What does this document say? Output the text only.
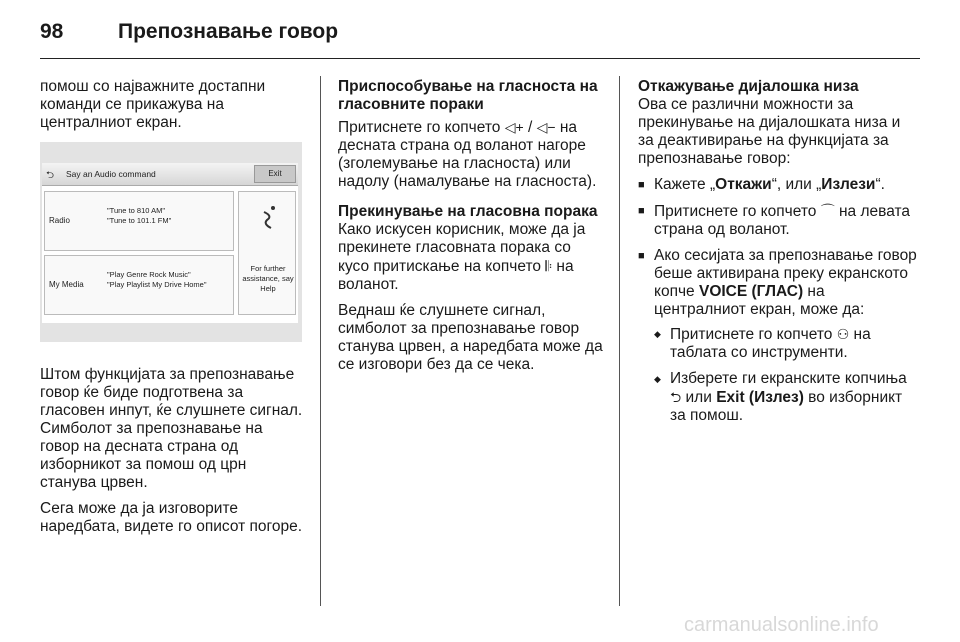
98	Препознавање говор

помош со најважните достапни команди се прикажува на централниот екран.

⮌ Say an Audio command	Exit
Radio
"Tune to 810 AM"
"Tune to 101.1 FM"
My Media
"Play Genre Rock Music"
"Play Playlist My Drive Home"
For further assistance, say Help

Штом функцијата за препознавање говор ќе биде подготвена за гласовен инпут, ќе слушнете сигнал. Симболот за препознавање на говор на десната страна од изборникот за помош од црн станува црвен.

Сега може да ја изговорите наредбата, видете го описот погоре.

Приспособување на гласноста на гласовните пораки

Притиснете го копчето ◁+ / ◁− на десната страна од воланот нагоре (зголемување на гласноста) или надолу (намалување на гласноста).

Прекинување на гласовна порака

Како искусен корисник, може да ја прекинете гласовната порака со кусо притискање на копчето 𝄆 на воланот.

Веднаш ќе слушнете сигнал, симболот за препознавање говор станува црвен, а наредбата може да се изговори без да се чека.

Откажување дијалошка низа

Ова се различни можности за прекинување на дијалошката низа и за деактивирање на функцијата за препознавање говор:

■ Кажете „Откажи“, или „Излези“.
■ Притиснете го копчето ⌒ на левата страна од воланот.
■ Ако сесијата за препознавање говор беше активирана преку екранското копче VOICE (ГЛАС) на централниот екран, може да:
◆ Притиснете го копчето ⚇ на таблата со инструменти.
◆ Изберете ги екранските копчиња ⮌ или Exit (Излез) во изборникт за помош.
carmanualsonline.info
